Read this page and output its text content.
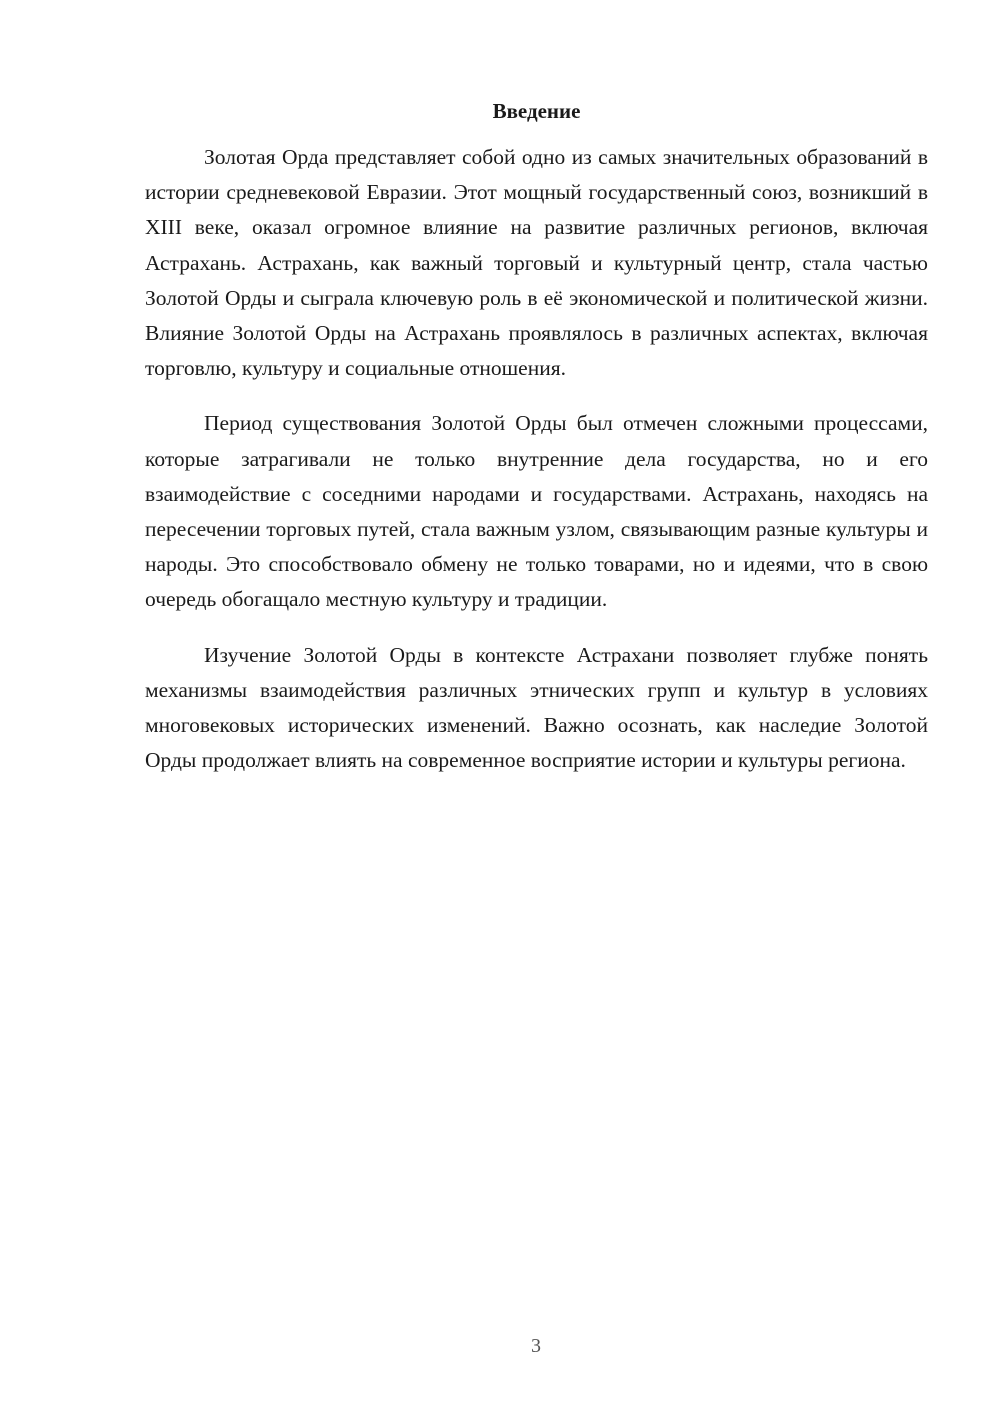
Введение

Золотая Орда представляет собой одно из самых значительных образований в истории средневековой Евразии. Этот мощный государственный союз, возникший в XIII веке, оказал огромное влияние на развитие различных регионов, включая Астрахань. Астрахань, как важный торговый и культурный центр, стала частью Золотой Орды и сыграла ключевую роль в её экономической и политической жизни. Влияние Золотой Орды на Астрахань проявлялось в различных аспектах, включая торговлю, культуру и социальные отношения.

Период существования Золотой Орды был отмечен сложными процессами, которые затрагивали не только внутренние дела государства, но и его взаимодействие с соседними народами и государствами. Астрахань, находясь на пересечении торговых путей, стала важным узлом, связывающим разные культуры и народы. Это способствовало обмену не только товарами, но и идеями, что в свою очередь обогащало местную культуру и традиции.

Изучение Золотой Орды в контексте Астрахани позволяет глубже понять механизмы взаимодействия различных этнических групп и культур в условиях многовековых исторических изменений. Важно осознать, как наследие Золотой Орды продолжает влиять на современное восприятие истории и культуры региона.

3
